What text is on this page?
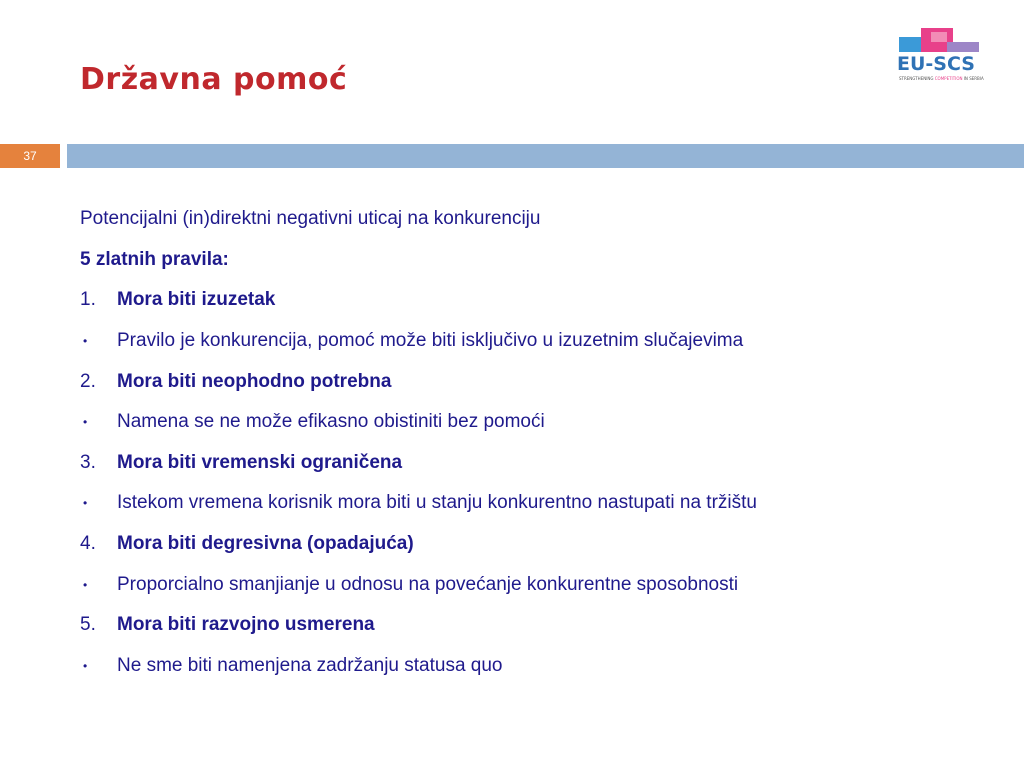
Državna pomoć	EU-SCS
STRENGTHENING COMPETITION IN SERBIA
37
Potencijalni (in)direktni negativni uticaj na konkurenciju
5 zlatnih pravila:
1.	Mora biti izuzetak
•	Pravilo je konkurencija, pomoć može biti isključivo u izuzetnim slučajevima
2.	Mora biti neophodno potrebna
•	Namena se ne može efikasno obistiniti bez pomoći
3.	Mora biti vremenski ograničena
•	Istekom vremena korisnik mora biti u stanju konkurentno nastupati na tržištu
4.	Mora biti degresivna (opadajuća)
•	Proporcialno smanjianje u odnosu na povećanje konkurentne sposobnosti
5.	Mora biti razvojno usmerena
•	Ne sme biti namenjena zadržanju statusa quo
